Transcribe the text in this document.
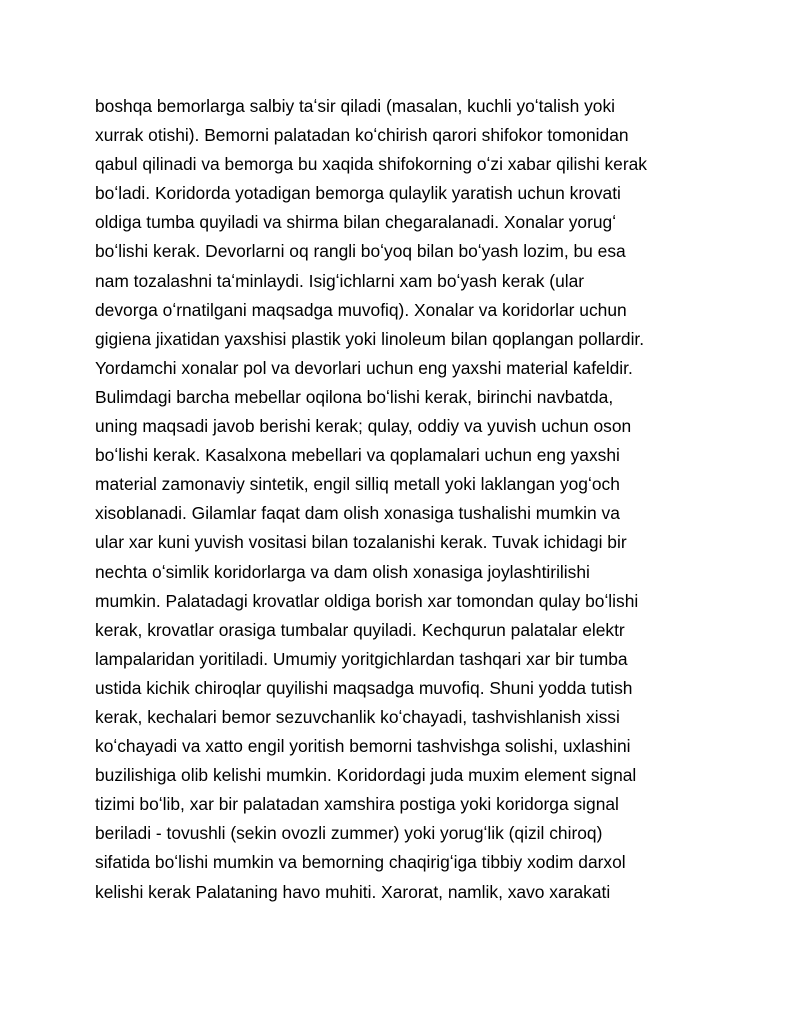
boshqa bemorlarga salbiy taʻsir qiladi (masalan, kuchli yoʻtalish yoki
xurrak otishi). Bemorni palatadan koʻchirish qarori shifokor tomonidan
qabul qilinadi va bemorga bu xaqida shifokorning oʻzi xabar qilishi kerak
boʻladi. Koridorda yotadigan bemorga qulaylik yaratish uchun krovati
oldiga tumba quyiladi va shirma bilan chegaralanadi. Xonalar yorugʻ
boʻlishi kerak. Devorlarni oq rangli boʻyoq bilan boʻyash lozim, bu esa
nam tozalashni taʻminlaydi. Isigʻichlarni xam boʻyash kerak (ular
devorga oʻrnatilgani maqsadga muvofiq). Xonalar va koridorlar uchun
gigiena jixatidan yaxshisi plastik yoki linoleum bilan qoplangan pollardir.
Yordamchi xonalar pol va devorlari uchun eng yaxshi material kafeldir.
Bulimdagi barcha mebellar oqilona boʻlishi kerak, birinchi navbatda,
uning maqsadi javob berishi kerak; qulay, oddiy va yuvish uchun oson
boʻlishi kerak. Kasalxona mebellari va qoplamalari uchun eng yaxshi
material zamonaviy sintetik, engil silliq metall yoki laklangan yogʻoch
xisoblanadi. Gilamlar faqat dam olish xonasiga tushalishi mumkin va
ular xar kuni yuvish vositasi bilan tozalanishi kerak. Tuvak ichidagi bir
nechta oʻsimlik koridorlarga va dam olish xonasiga joylashtirilishi
mumkin. Palatadagi krovatlar oldiga borish xar tomondan qulay boʻlishi
kerak, krovatlar orasiga tumbalar quyiladi. Kechqurun palatalar elektr
lampalaridan yoritiladi. Umumiy yoritgichlardan tashqari xar bir tumba
ustida kichik chiroqlar quyilishi maqsadga muvofiq. Shuni yodda tutish
kerak, kechalari bemor sezuvchanlik koʻchayadi, tashvishlanish xissi
koʻchayadi va xatto engil yoritish bemorni tashvishga solishi, uxlashini
buzilishiga olib kelishi mumkin. Koridordagi juda muxim element signal
tizimi boʻlib, xar bir palatadan xamshira postiga yoki koridorga signal
beriladi - tovushli (sekin ovozli zummer) yoki yorugʻlik (qizil chiroq)
sifatida boʻlishi mumkin va bemorning chaqirigʻiga tibbiy xodim darxol
kelishi kerak Palataning havo muhiti. Xarorat, namlik, xavo xarakati
